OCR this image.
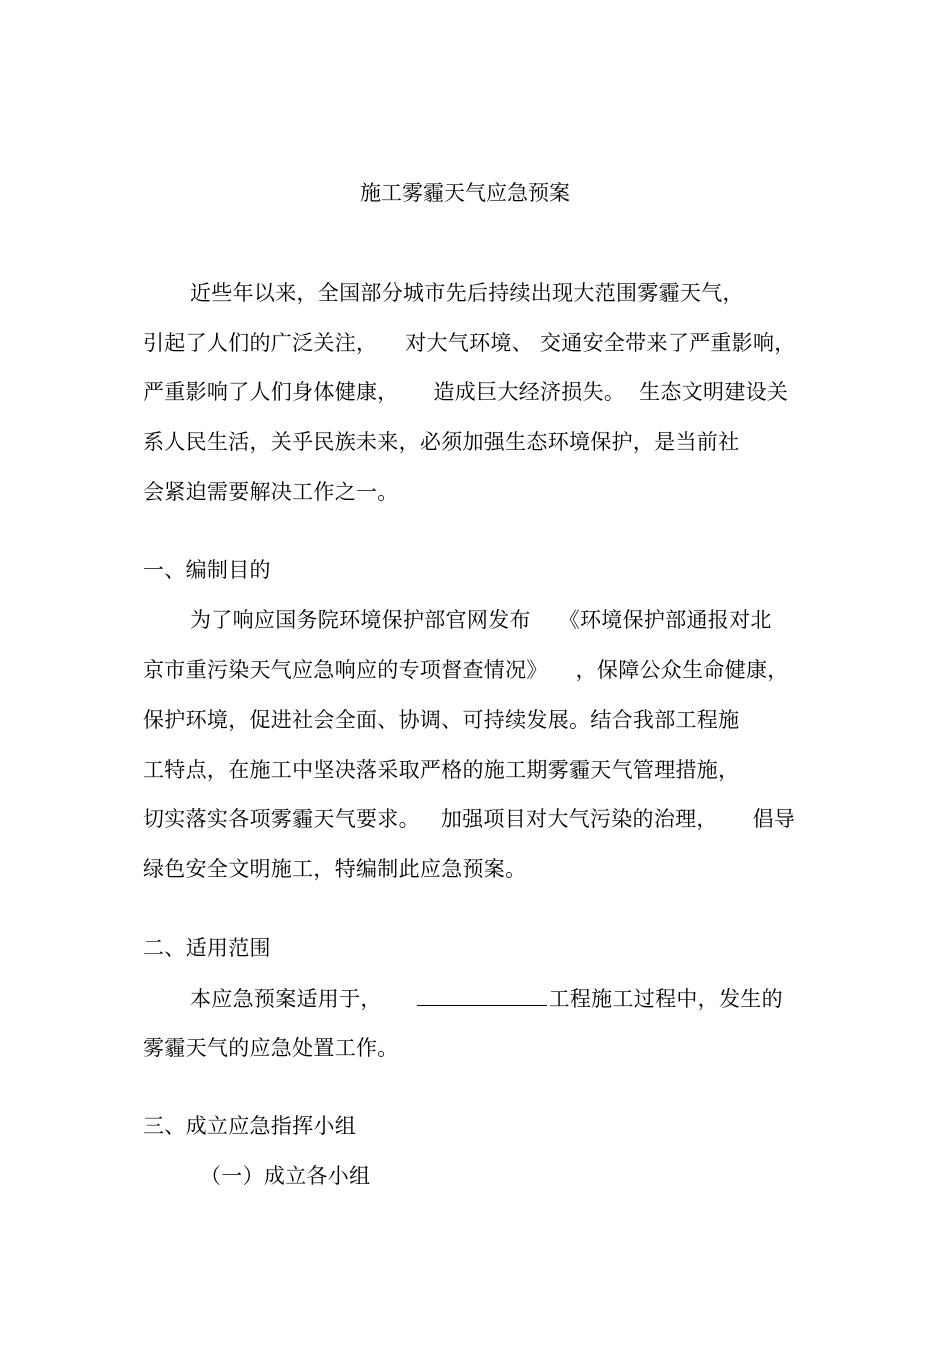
施工雾霾天气应急预案
近些年以来，全国部分城市先后持续出现大范围雾霾天气，
引起了人们的广泛关注，    对大气环境、 交通安全带来了严重影响，
严重影响了人们身体健康，     造成巨大经济损失。  生态文明建设关
系人民生活，关乎民族未来，必须加强生态环境保护，是当前社
会紧迫需要解决工作之一。
一、编制目的
为了响应国务院环境保护部官网发布    《环境保护部通报对北
京市重污染天气应急响应的专项督查情况》    ，保障公众生命健康，
保护环境，促进社会全面、协调、可持续发展。结合我部工程施
工特点，在施工中坚决落采取严格的施工期雾霾天气管理措施，
切实落实各项雾霾天气要求。   加强项目对大气污染的治理，     倡导
绿色安全文明施工，特编制此应急预案。
二、适用范围
本应急预案适用于，	工程施工过程中，发生的
雾霾天气的应急处置工作。
三、成立应急指挥小组
（一）成立各小组
